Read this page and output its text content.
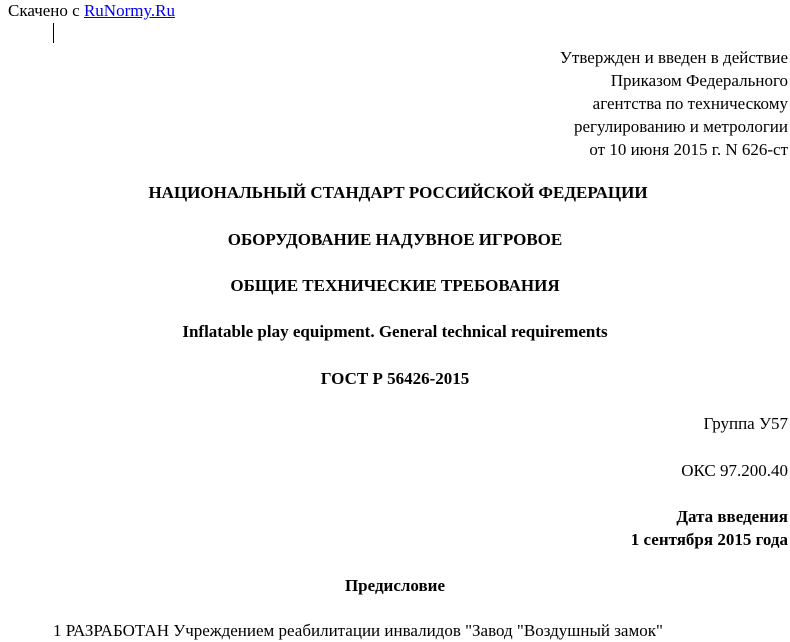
Скачено с RuNormy.Ru
Утвержден и введен в действие
Приказом Федерального
агентства по техническому
регулированию и метрологии
от 10 июня 2015 г. N 626-ст
НАЦИОНАЛЬНЫЙ СТАНДАРТ РОССИЙСКОЙ ФЕДЕРАЦИИ
ОБОРУДОВАНИЕ НАДУВНОЕ ИГРОВОЕ
ОБЩИЕ ТЕХНИЧЕСКИЕ ТРЕБОВАНИЯ
Inflatable play equipment. General technical requirements
ГОСТ Р 56426-2015
Группа У57
ОКС 97.200.40
Дата введения
1 сентября 2015 года
Предисловие
1 РАЗРАБОТАН Учреждением реабилитации инвалидов "Завод "Воздушный замок"
